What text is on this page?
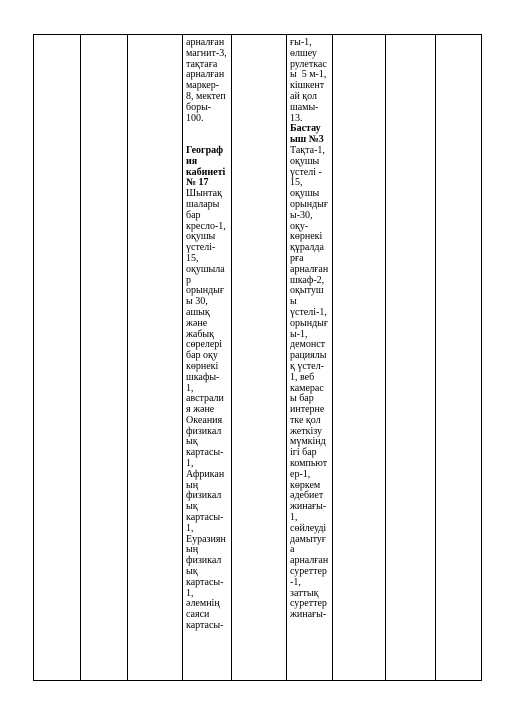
арналған
магнит-3,
тақтаға
арналған
маркер-
8, мектеп
боры-
100.
Географ
ия
кабинеті
№ 17
Шынтақ
шалары
бар
кресло-1,
оқушы
үстелі-
15,
оқушыла
р
орындығ
ы 30,
ашық
және
жабық
сөрелері
бар оқу
көрнекі
шкафы-
1,
австрали
я және
Океания
физикал
ық
картасы-
1,
Африкан
ың
физикал
ық
картасы-
1,
Еуразиян
ың
физикал
ық
картасы-
1,
әлемнің
саяси
картасы-
ғы-1,
өлшеу
рулеткас
ы  5 м-1,
кішкент
ай қол
шамы-
13.
Бастау
ыш №3
Тақта-1,
оқушы
үстелі -
15,
оқушы
орындығ
ы-30,
оқу-
көрнекі
құралда
рға
арналған
шкаф-2,
оқытуш
ы
үстелі-1,
орындығ
ы-1,
демонст
рациялы
қ үстел-
1, веб
камерас
ы бар
интерне
тке қол
жеткізу
мүмкінд
ігі бар
компьют
ер-1,
көркем
әдебиет
жинағы-
1,
сөйлеуді
дамытуғ
а
арналған
суреттер
-1,
заттық
суреттер
жинағы-
